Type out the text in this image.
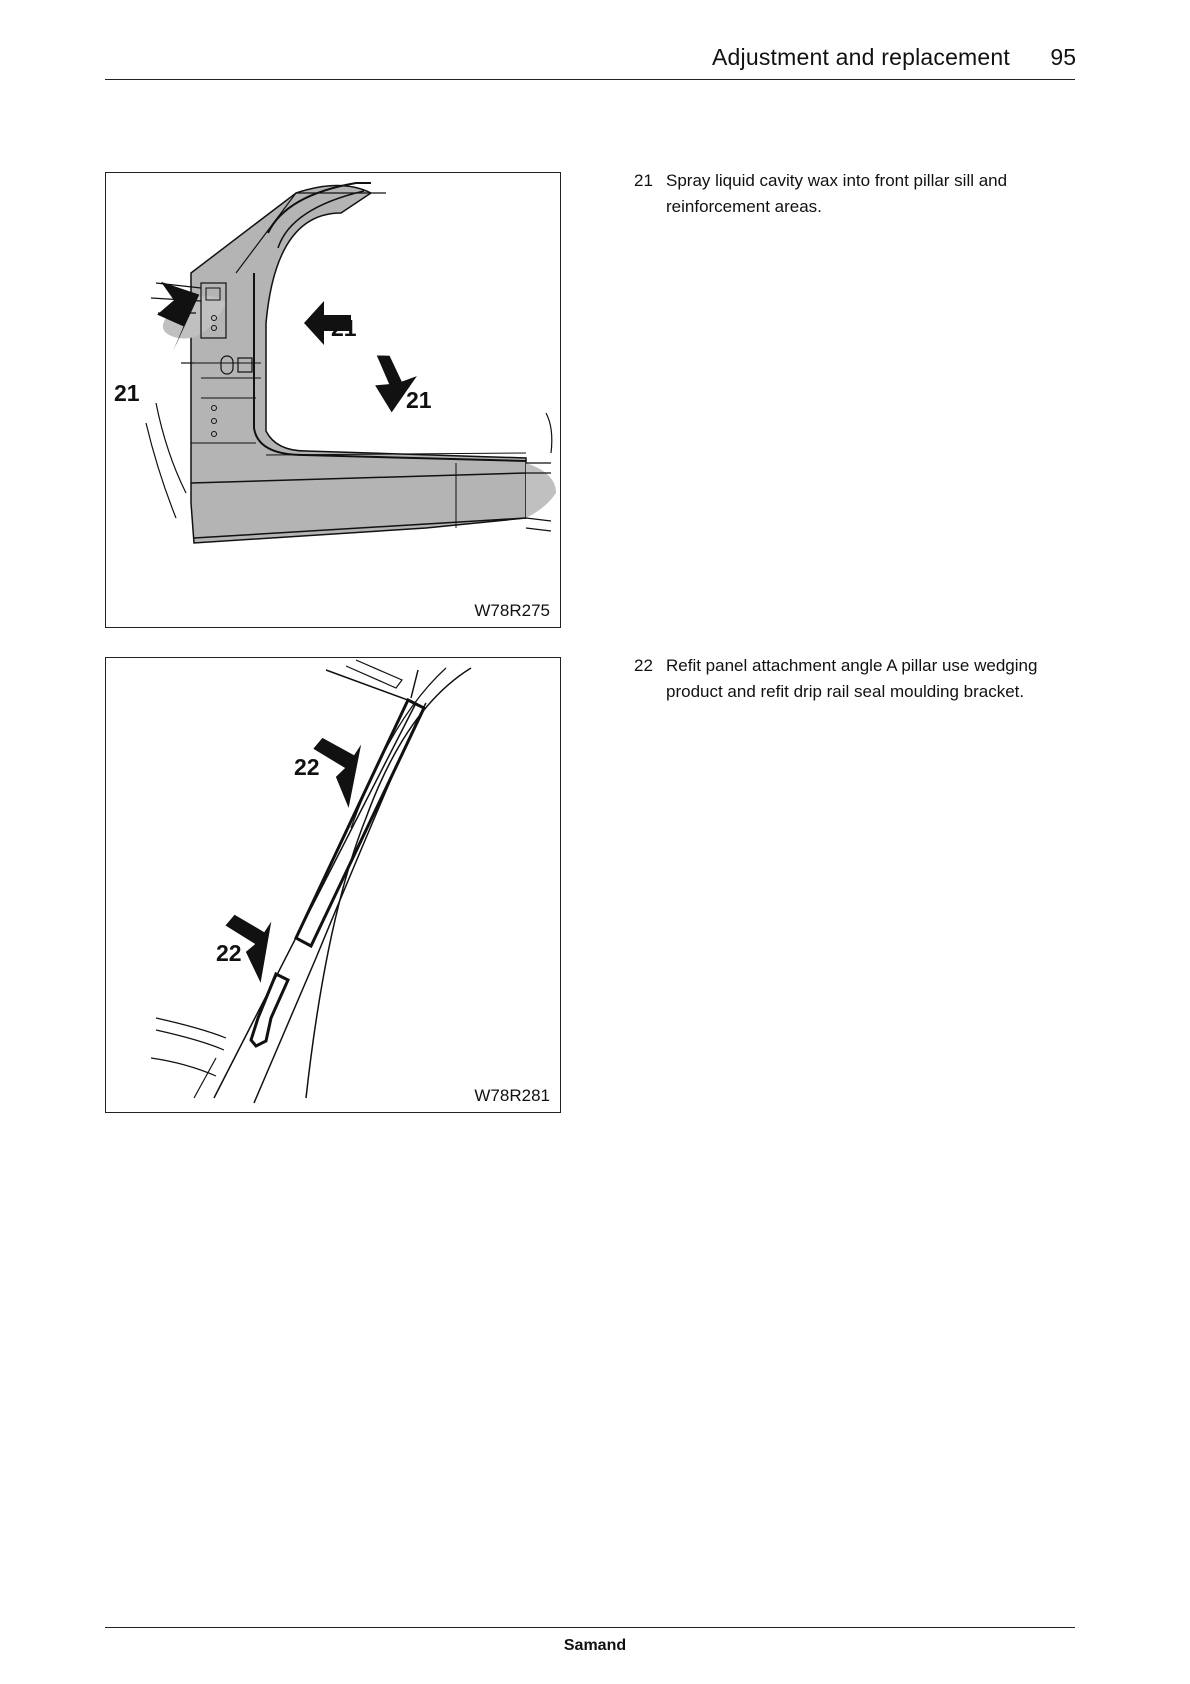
Adjustment and replacement 95
21
21	21
W78R275
22
22
W78R281
21 Spray liquid cavity wax into front pillar sill and reinforcement areas.
22 Refit panel attachment angle A pillar use wedging product and refit drip rail seal moulding bracket.
Samand
